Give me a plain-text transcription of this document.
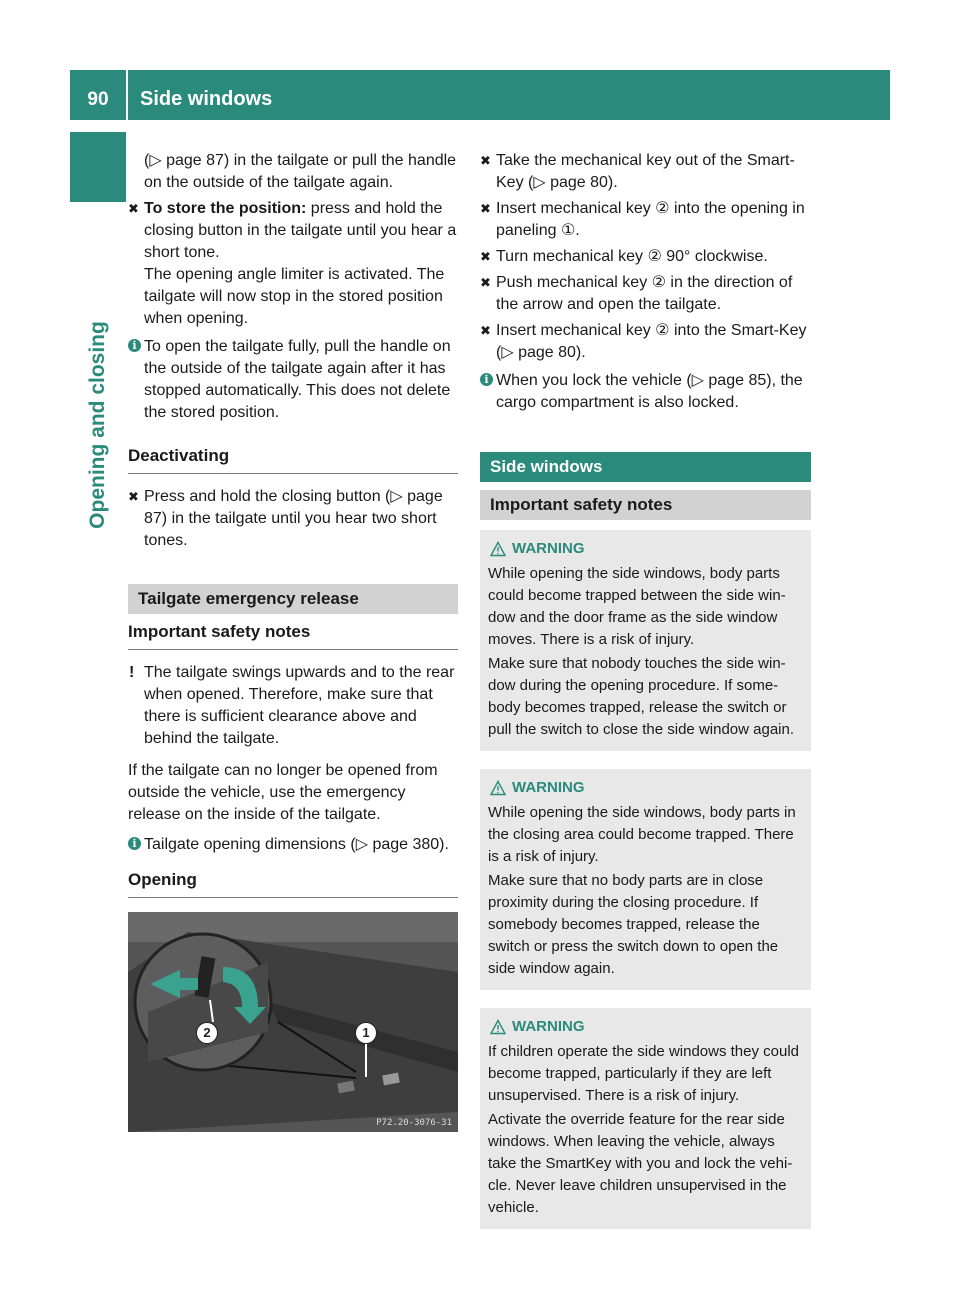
90	Side windows
Opening and closing

(▷ page 87) in the tailgate or pull the handle on the outside of the tailgate again.

✖ To store the position: press and hold the closing button in the tailgate until you hear a short tone.
The opening angle limiter is activated. The tailgate will now stop in the stored position when opening.
i To open the tailgate fully, pull the handle on the outside of the tailgate again after it has stopped automatically. This does not delete the stored position.
Deactivating
✖ Press and hold the closing button (▷ page 87) in the tailgate until you hear two short tones.
Tailgate emergency release
Important safety notes
! The tailgate swings upwards and to the rear when opened. Therefore, make sure that there is sufficient clearance above and behind the tailgate.

If the tailgate can no longer be opened from outside the vehicle, use the emergency release on the inside of the tailgate.

i Tailgate opening dimensions (▷ page 380).
Opening
2	1
P72.20-3076-31
✖ Take the mechanical key out of the Smart-Key (▷ page 80).
✖ Insert mechanical key ② into the opening in paneling ①.
✖ Turn mechanical key ② 90° clockwise.
✖ Push mechanical key ② in the direction of the arrow and open the tailgate.
✖ Insert mechanical key ② into the Smart-Key (▷ page 80).
i When you lock the vehicle (▷ page 85), the cargo compartment is also locked.
Side windows
Important safety notes
WARNING

While opening the side windows, body parts could become trapped between the side win-dow and the door frame as the side window moves. There is a risk of injury.

Make sure that nobody touches the side win-dow during the opening procedure. If some-body becomes trapped, release the switch or pull the switch to close the side window again.

WARNING

While opening the side windows, body parts in the closing area could become trapped. There is a risk of injury.

Make sure that no body parts are in close proximity during the closing procedure. If somebody becomes trapped, release the switch or press the switch down to open the side window again.

WARNING

If children operate the side windows they could become trapped, particularly if they are left unsupervised. There is a risk of injury.

Activate the override feature for the rear side windows. When leaving the vehicle, always take the SmartKey with you and lock the vehi-cle. Never leave children unsupervised in the vehicle.
